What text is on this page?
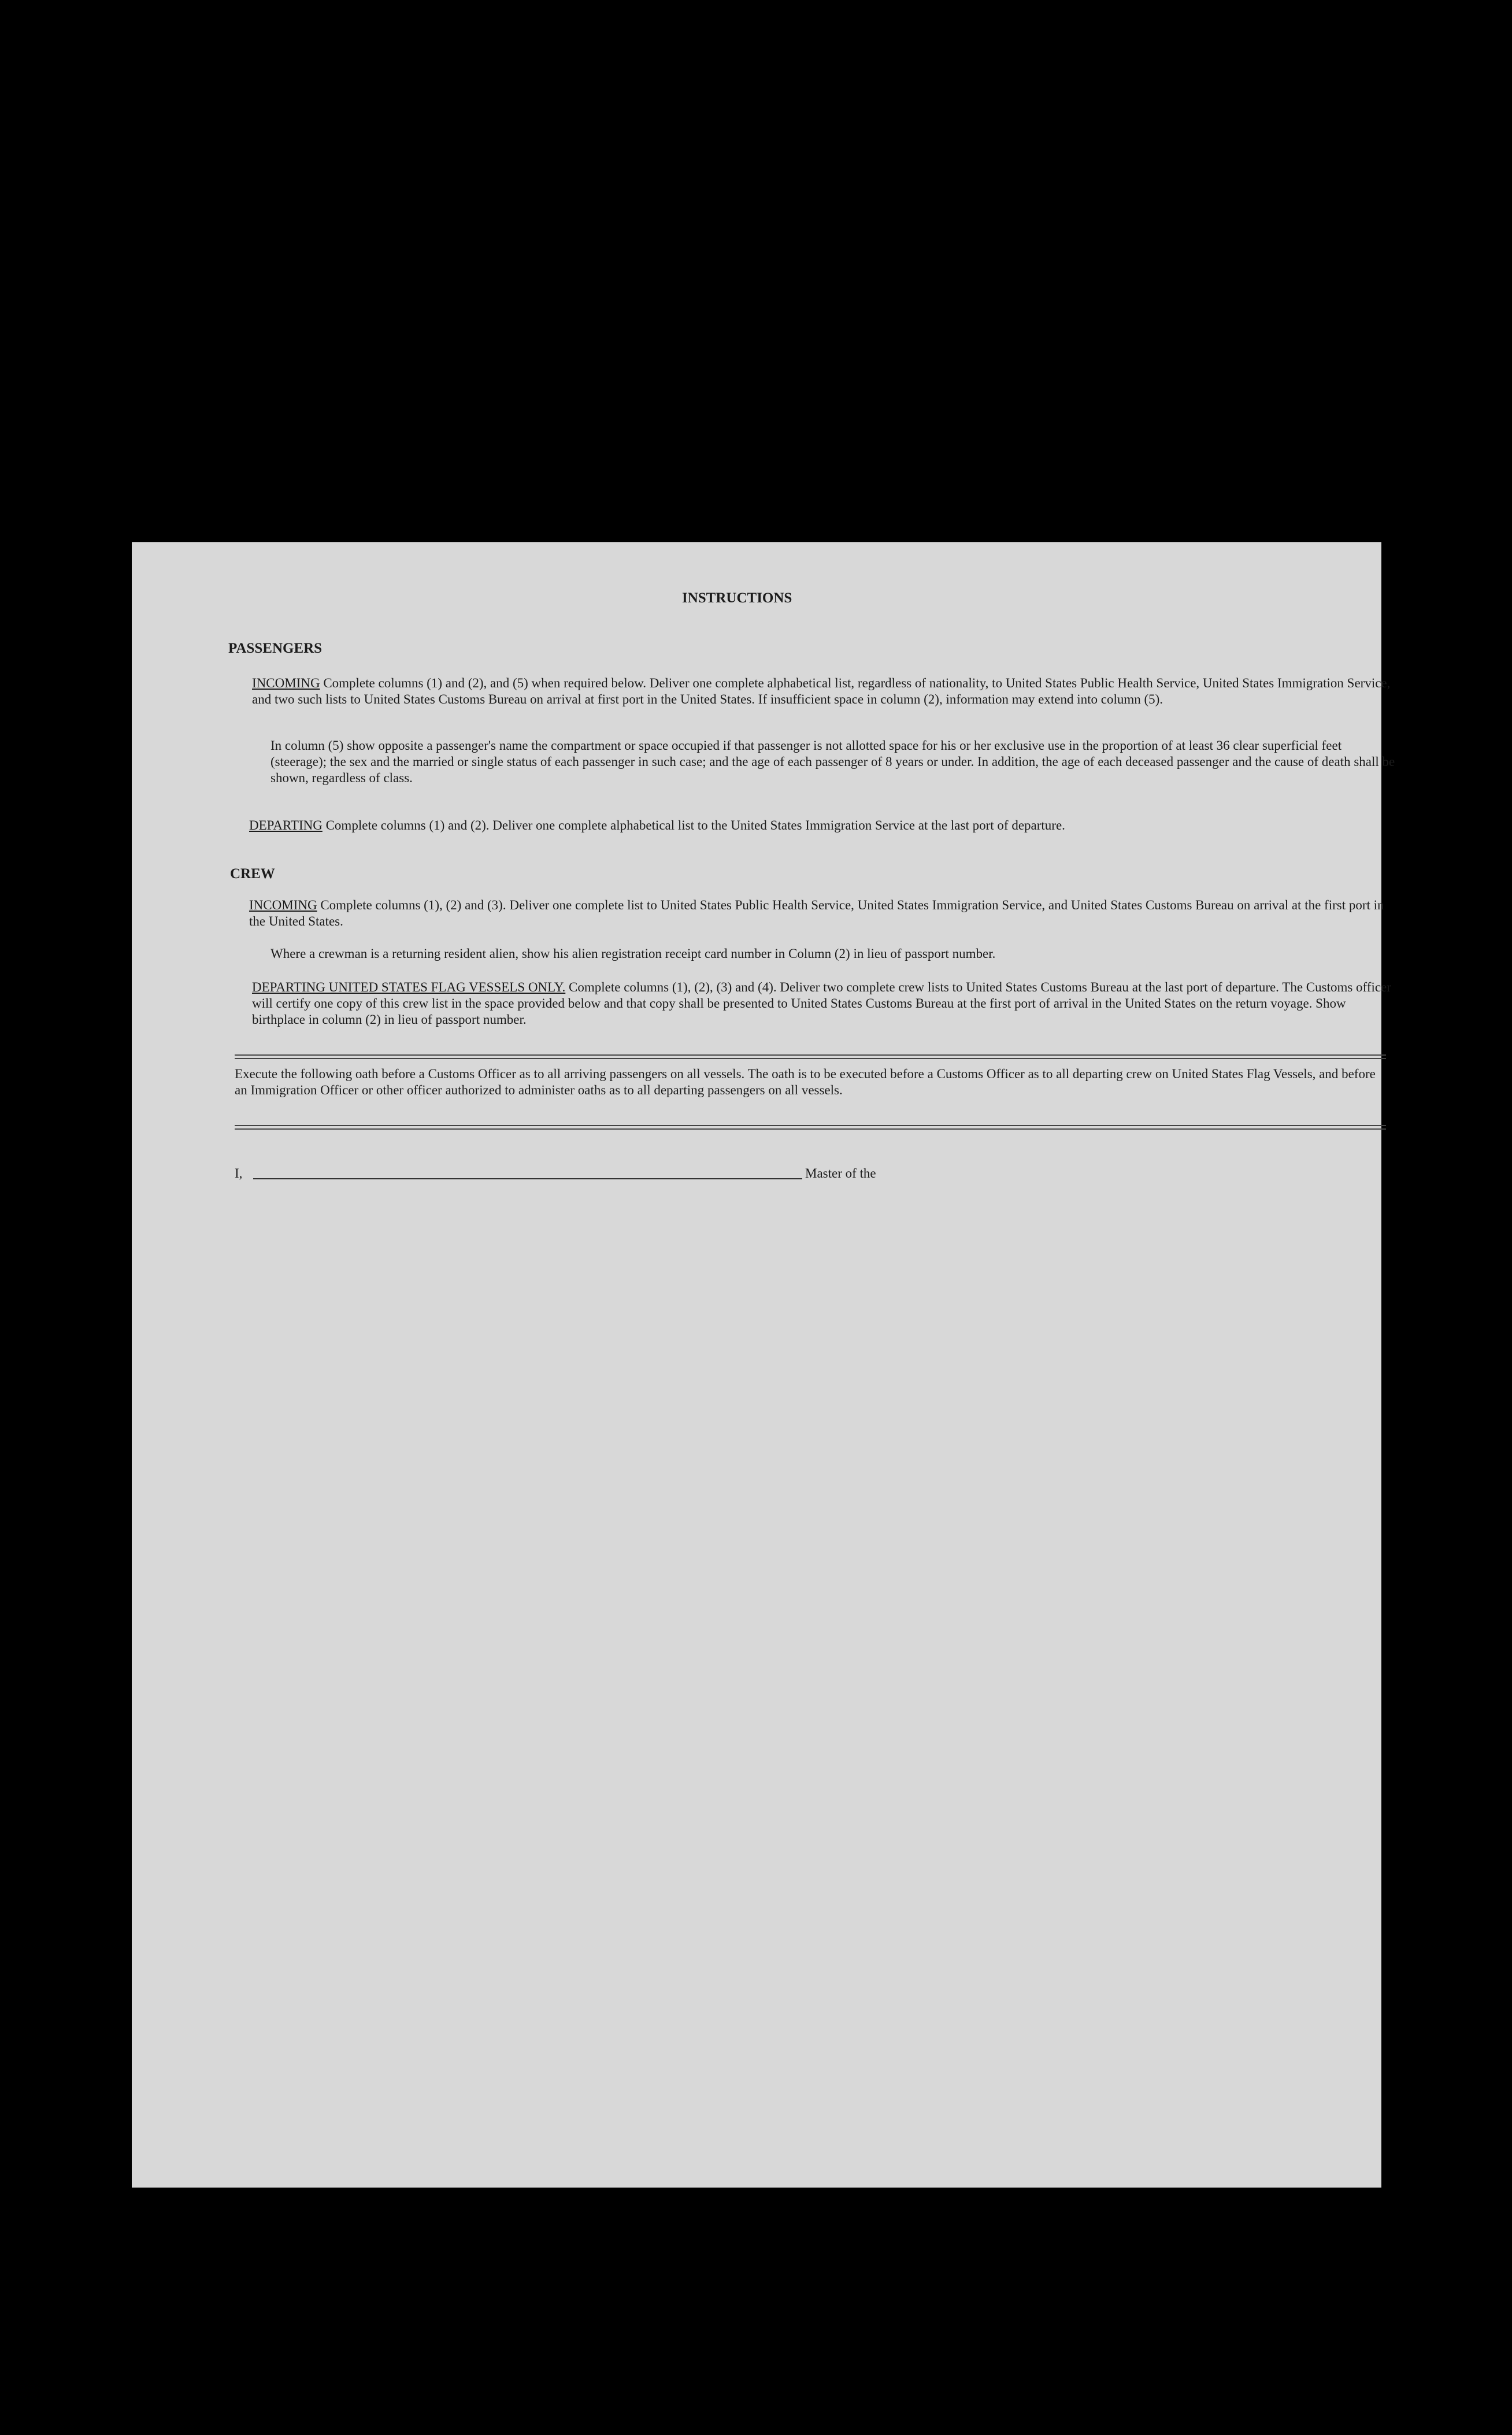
INSTRUCTIONS
PASSENGERS
INCOMING Complete columns (1) and (2), and (5) when required below. Deliver one complete alphabetical list, regardless of nationality, to United States Public Health Service, United States Immigration Service, and two such lists to United States Customs Bureau on arrival at first port in the United States. If insufficient space in column (2), information may extend into column (5).
In column (5) show opposite a passenger's name the compartment or space occupied if that passenger is not allotted space for his or her exclusive use in the proportion of at least 36 clear superficial feet (steerage); the sex and the married or single status of each passenger in such case; and the age of each passenger of 8 years or under. In addition, the age of each deceased passenger and the cause of death shall be shown, regardless of class.
DEPARTING Complete columns (1) and (2). Deliver one complete alphabetical list to the United States Immigration Service at the last port of departure.
CREW
INCOMING Complete columns (1), (2) and (3). Deliver one complete list to United States Public Health Service, United States Immigration Service, and United States Customs Bureau on arrival at the first port in the United States.
Where a crewman is a returning resident alien, show his alien registration receipt card number in Column (2) in lieu of passport number.
DEPARTING UNITED STATES FLAG VESSELS ONLY. Complete columns (1), (2), (3) and (4). Deliver two complete crew lists to United States Customs Bureau at the last port of departure. The Customs officer will certify one copy of this crew list in the space provided below and that copy shall be presented to United States Customs Bureau at the first port of arrival in the United States on the return voyage. Show birthplace in column (2) in lieu of passport number.
Execute the following oath before a Customs Officer as to all arriving passengers on all vessels. The oath is to be executed before a Customs Officer as to all departing crew on United States Flag Vessels, and before an Immigration Officer or other officer authorized to administer oaths as to all departing passengers on all vessels.
I,	Master of the
